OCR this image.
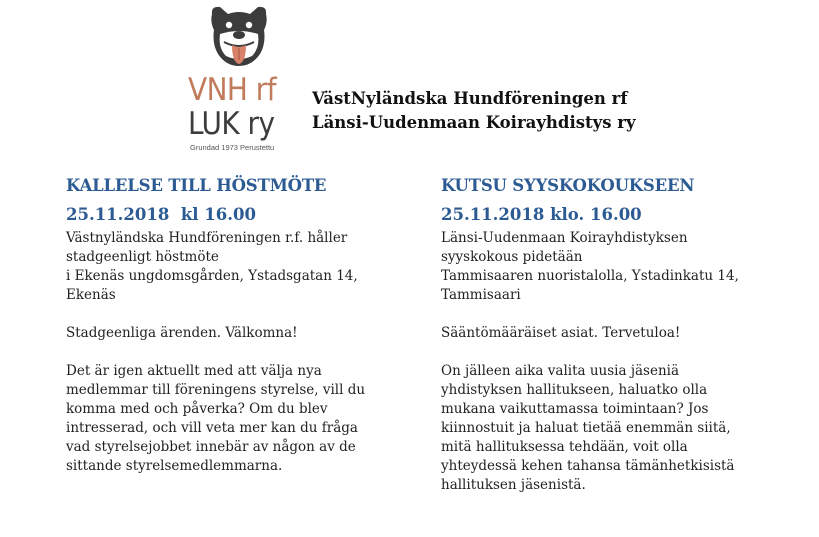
VNH rf
LUK ry
Grundad 1973 Perustettu
VästNyländska Hundföreningen rf
Länsi-Uudenmaan Koirayhdistys ry
KALLELSE TILL HÖSTMÖTE
25.11.2018  kl 16.00

Västnyländska Hundföreningen r.f. håller

stadgeenligt höstmöte

i Ekenäs ungdomsgården, Ystadsgatan 14,

Ekenäs

Stadgeenliga ärenden. Välkomna!

Det är igen aktuellt med att välja nya

medlemmar till föreningens styrelse, vill du

komma med och påverka? Om du blev

intresserad, och vill veta mer kan du fråga

vad styrelsejobbet innebär av någon av de

sittande styrelsemedlemmarna.

KUTSU SYYSKOKOUKSEEN
25.11.2018 klo. 16.00

Länsi-Uudenmaan Koirayhdistyksen

syyskokous pidetään

Tammisaaren nuoristalolla, Ystadinkatu 14,

Tammisaari

Sääntömääräiset asiat. Tervetuloa!

On jälleen aika valita uusia jäseniä

yhdistyksen hallitukseen, haluatko olla

mukana vaikuttamassa toimintaan? Jos

kiinnostuit ja haluat tietää enemmän siitä,

mitä hallituksessa tehdään, voit olla

yhteydessä kehen tahansa tämänhetkisistä

hallituksen jäsenistä.
